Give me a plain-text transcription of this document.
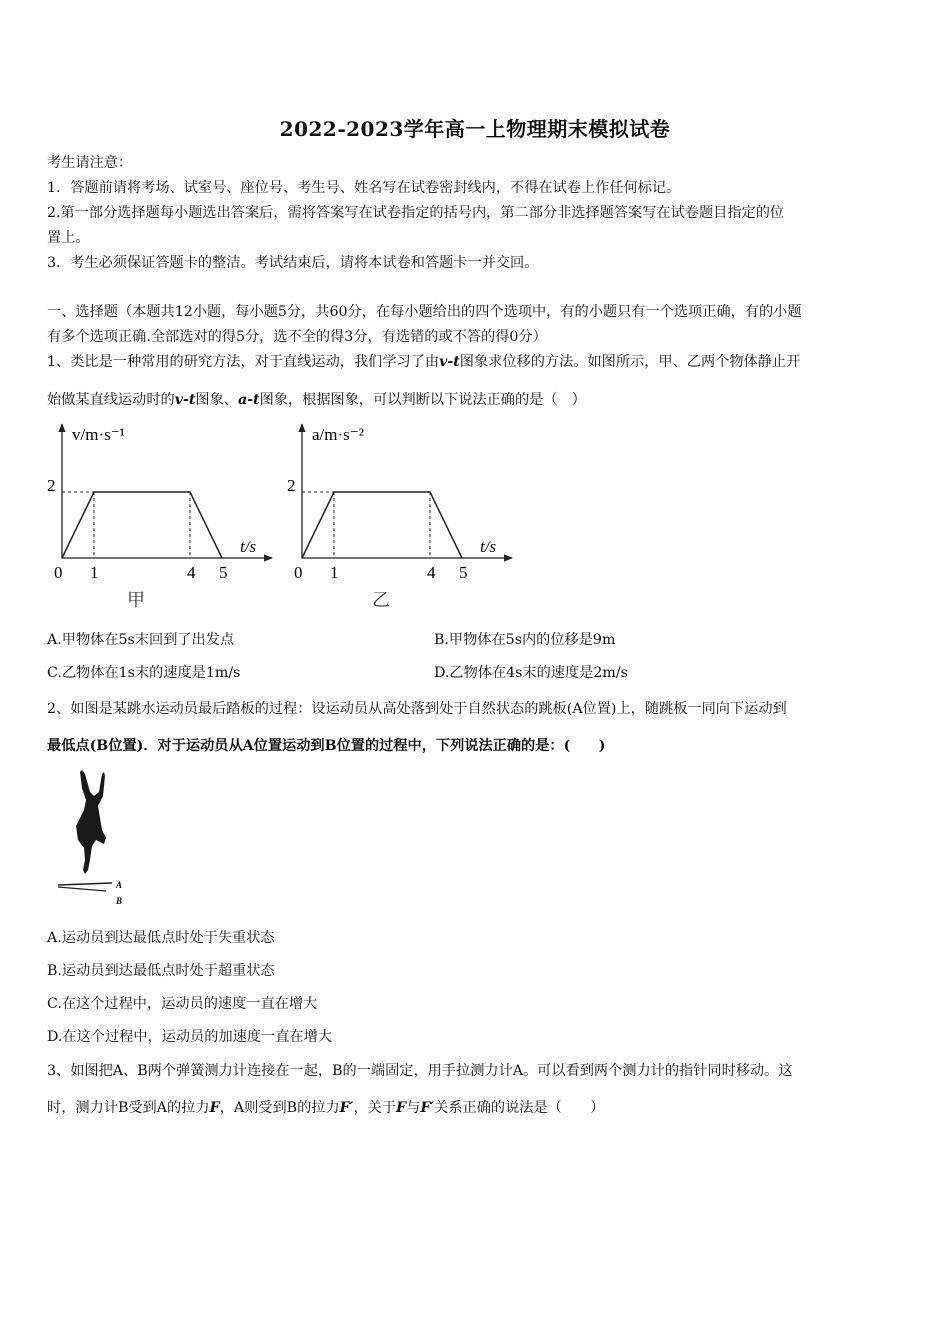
2022-2023学年高一上物理期末模拟试卷
考生请注意：
1．答题前请将考场、试室号、座位号、考生号、姓名写在试卷密封线内，不得在试卷上作任何标记。
2.第一部分选择题每小题选出答案后，需将答案写在试卷指定的括号内，第二部分非选择题答案写在试卷题目指定的位
置上。
3．考生必须保证答题卡的整洁。考试结束后，请将本试卷和答题卡一并交回。
一、选择题（本题共12小题，每小题5分，共60分，在每小题给出的四个选项中，有的小题只有一个选项正确，有的小题
有多个选项正确.全部选对的得5分，选不全的得3分，有选错的或不答的得0分）
1、类比是一种常用的研究方法，对于直线运动，我们学习了由v-t图象求位移的方法。如图所示，甲、乙两个物体静止开
始做某直线运动时的v-t图象、a-t图象，根据图象，可以判断以下说法正确的是（　）
v/m·s⁻¹
t/s
2
0 1	4 5
甲
a/m·s⁻²
t/s
2
0 1	4 5
乙
A.甲物体在5s末回到了出发点	B.甲物体在5s内的位移是9m
C.乙物体在1s末的速度是1m/s	D.乙物体在4s末的速度是2m/s
2、如图是某跳水运动员最后踏板的过程：设运动员从高处落到处于自然状态的跳板(A位置)上，随跳板一同向下运动到
最低点(B位置)．对于运动员从A位置运动到B位置的过程中，下列说法正确的是：(　　)
A
B
A.运动员到达最低点时处于失重状态
B.运动员到达最低点时处于超重状态
C.在这个过程中，运动员的速度一直在增大
D.在这个过程中，运动员的加速度一直在增大
3、如图把A、B两个弹簧测力计连接在一起，B的一端固定，用手拉测力计A。可以看到两个测力计的指针同时移动。这
时，测力计B受到A的拉力F，A则受到B的拉力F′，关于F与F′关系正确的说法是（　　）
